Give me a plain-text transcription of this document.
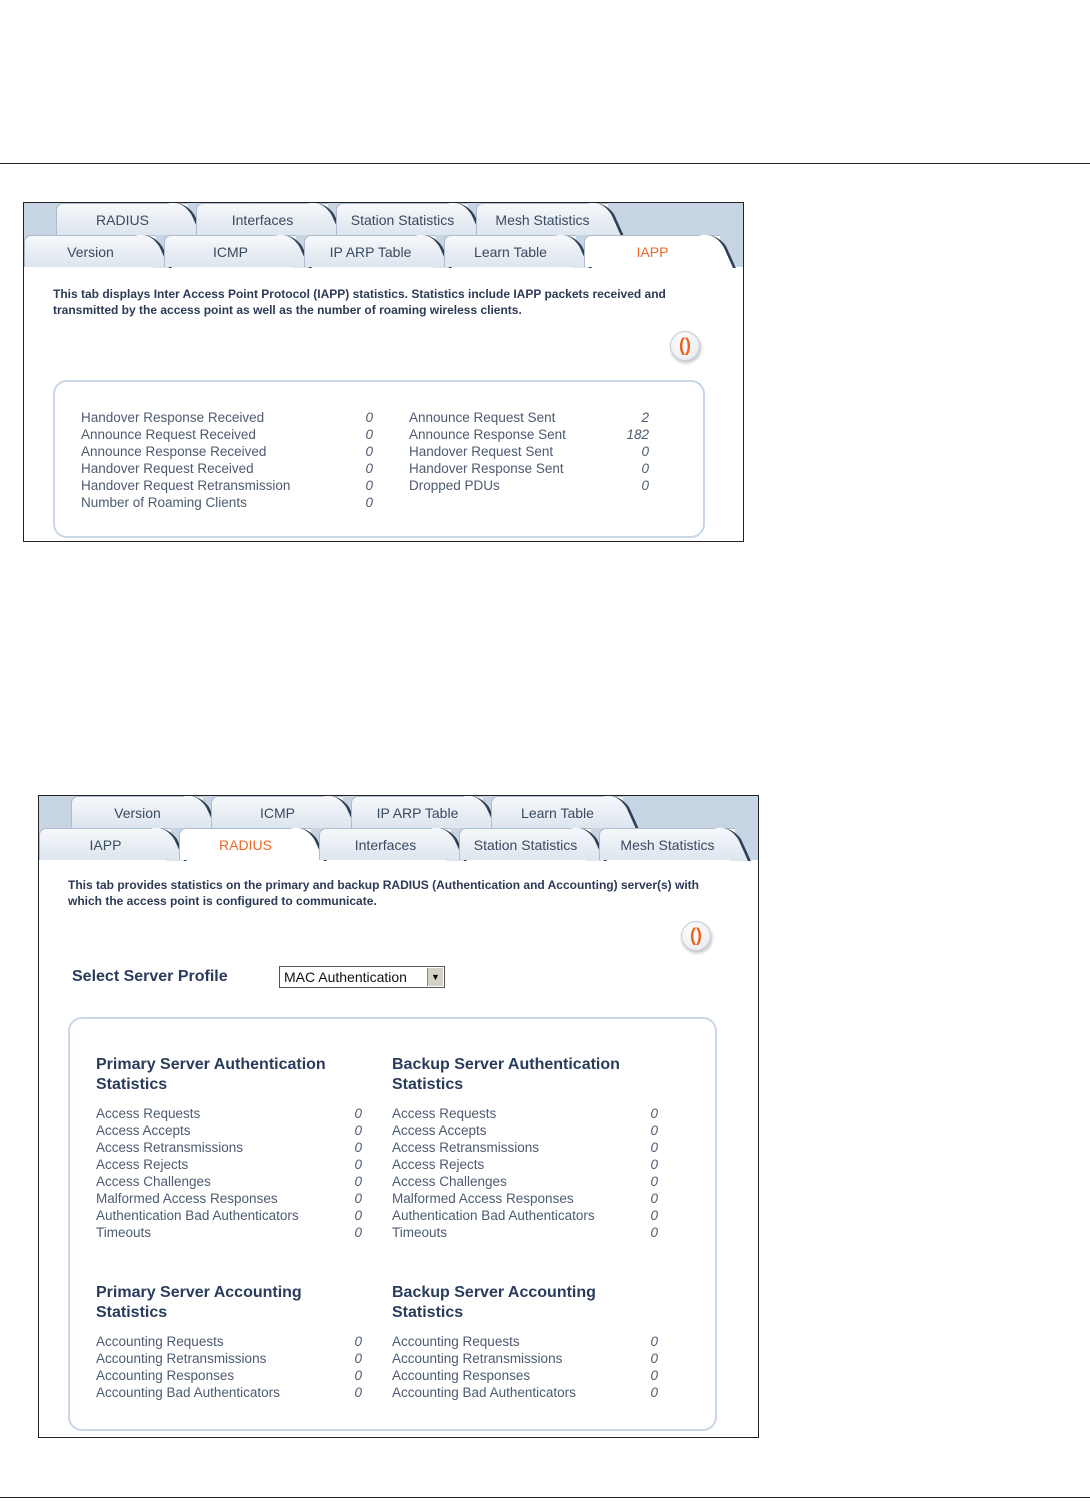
RADIUS	Interfaces	Station Statistics	Mesh Statistics
Version	ICMP	IP ARP Table	Learn Table	IAPP
This tab displays Inter Access Point Protocol (IAPP) statistics. Statistics include IAPP packets received and transmitted by the access point as well as the number of roaming wireless clients.
()
Handover Response Received	0
Announce Request Received	0
Announce Response Received	0
Handover Request Received	0
Handover Request Retransmission	0
Number of Roaming Clients	0
Announce Request Sent	2
Announce Response Sent	182
Handover Request Sent	0
Handover Response Sent	0
Dropped PDUs	0
Version	ICMP	IP ARP Table	Learn Table
IAPP	RADIUS	Interfaces	Station Statistics	Mesh Statistics
This tab provides statistics on the primary and backup RADIUS (Authentication and Accounting) server(s) with which the access point is configured to communicate.
()
Select Server Profile	MAC Authentication	▼
Primary Server Authentication Statistics
Backup Server Authentication Statistics
Access Requests	0 Access Requests	0
Access Accepts	0 Access Accepts	0
Access Retransmissions	0 Access Retransmissions	0
Access Rejects	0 Access Rejects	0
Access Challenges	0 Access Challenges	0
Malformed Access Responses	0 Malformed Access Responses	0
Authentication Bad Authenticators	0 Authentication Bad Authenticators	0
Timeouts	0 Timeouts	0
Primary Server Accounting Statistics
Backup Server Accounting Statistics
Accounting Requests	0 Accounting Requests	0
Accounting Retransmissions	0 Accounting Retransmissions	0
Accounting Responses	0 Accounting Responses	0
Accounting Bad Authenticators	0 Accounting Bad Authenticators	0
